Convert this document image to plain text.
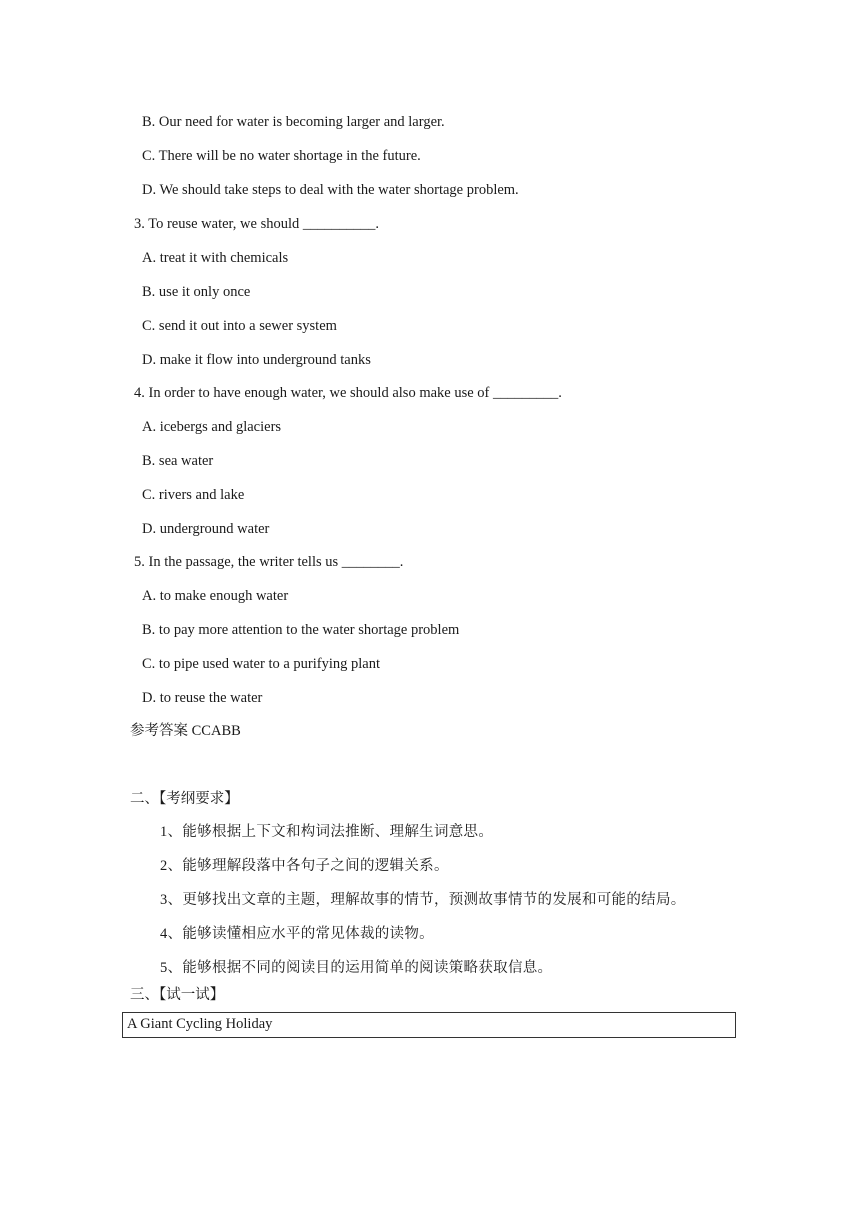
B. Our need for water is becoming larger and larger.
C. There will be no water shortage in the future.
D. We should take steps to deal with the water shortage problem.
3. To reuse water, we should __________.
A. treat it with chemicals
B. use it only once
C. send it out into a sewer system
D. make it flow into underground tanks
4. In order to have enough water, we should also make use of _________.
A. icebergs and glaciers
B. sea water
C. rivers and lake
D. underground water
5. In the passage, the writer tells us ________.
A. to make enough water
B. to pay more attention to the water shortage problem
C. to pipe used water to a purifying plant
D. to reuse the water
参考答案 CCABB
二、【考纲要求】
1、能够根据上下文和构词法推断、理解生词意思。
2、能够理解段落中各句子之间的逻辑关系。
3、更够找出文章的主题，理解故事的情节，预测故事情节的发展和可能的结局。
4、能够读懂相应水平的常见体裁的读物。
5、能够根据不同的阅读目的运用简单的阅读策略获取信息。
三、【试一试】
A Giant Cycling Holiday
